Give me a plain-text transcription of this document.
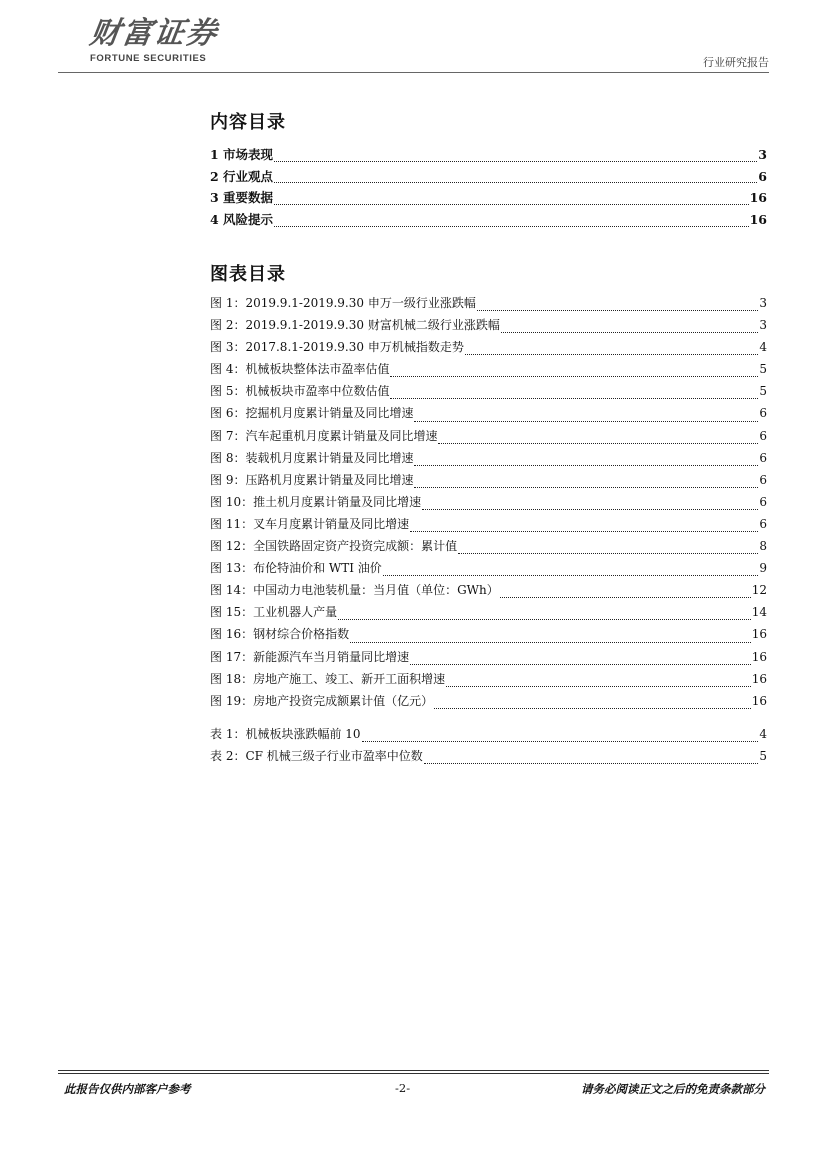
财富证券
FORTUNE SECURITIES	行业研究报告
内容目录
1 市场表现	3
2 行业观点	6
3 重要数据	16
4 风险提示	16
图表目录
图 1：2019.9.1-2019.9.30 申万一级行业涨跌幅	3
图 2：2019.9.1-2019.9.30 财富机械二级行业涨跌幅	3
图 3：2017.8.1-2019.9.30 申万机械指数走势	4
图 4：机械板块整体法市盈率估值	5
图 5：机械板块市盈率中位数估值	5
图 6：挖掘机月度累计销量及同比增速	6
图 7：汽车起重机月度累计销量及同比增速	6
图 8：装载机月度累计销量及同比增速	6
图 9：压路机月度累计销量及同比增速	6
图 10：推土机月度累计销量及同比增速	6
图 11：叉车月度累计销量及同比增速	6
图 12：全国铁路固定资产投资完成额：累计值	8
图 13：布伦特油价和 WTI 油价	9
图 14：中国动力电池装机量：当月值（单位：GWh）	12
图 15：工业机器人产量	14
图 16：钢材综合价格指数	16
图 17：新能源汽车当月销量同比增速	16
图 18：房地产施工、竣工、新开工面积增速	16
图 19：房地产投资完成额累计值（亿元）	16
表 1：机械板块涨跌幅前 10	4
表 2：CF 机械三级子行业市盈率中位数	5
此报告仅供内部客户参考	-2-	请务必阅读正文之后的免责条款部分
